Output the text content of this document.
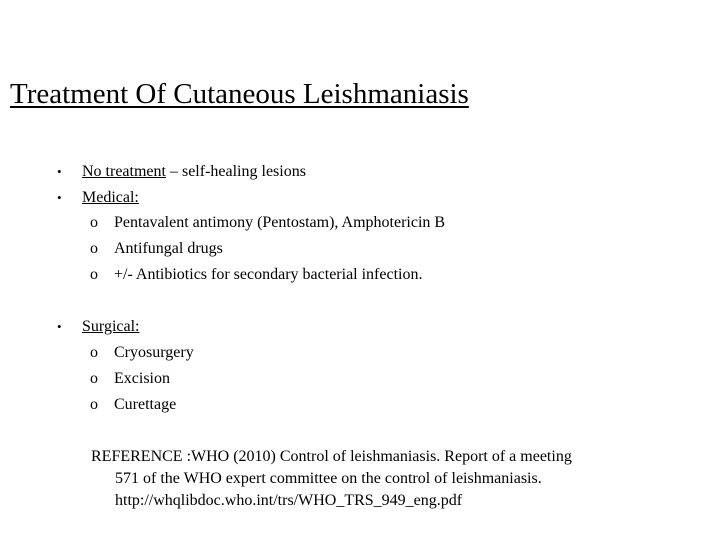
Treatment Of Cutaneous Leishmaniasis
• No treatment – self-healing lesions
• Medical:
o Pentavalent antimony (Pentostam), Amphotericin B
o Antifungal drugs
o +/- Antibiotics for secondary bacterial infection.
• Surgical:
o Cryosurgery
o Excision
o Curettage
REFERENCE :WHO (2010) Control of leishmaniasis. Report of a meeting
571 of the WHO expert committee on the control of leishmaniasis.
http://whqlibdoc.who.int/trs/WHO_TRS_949_eng.pdf
